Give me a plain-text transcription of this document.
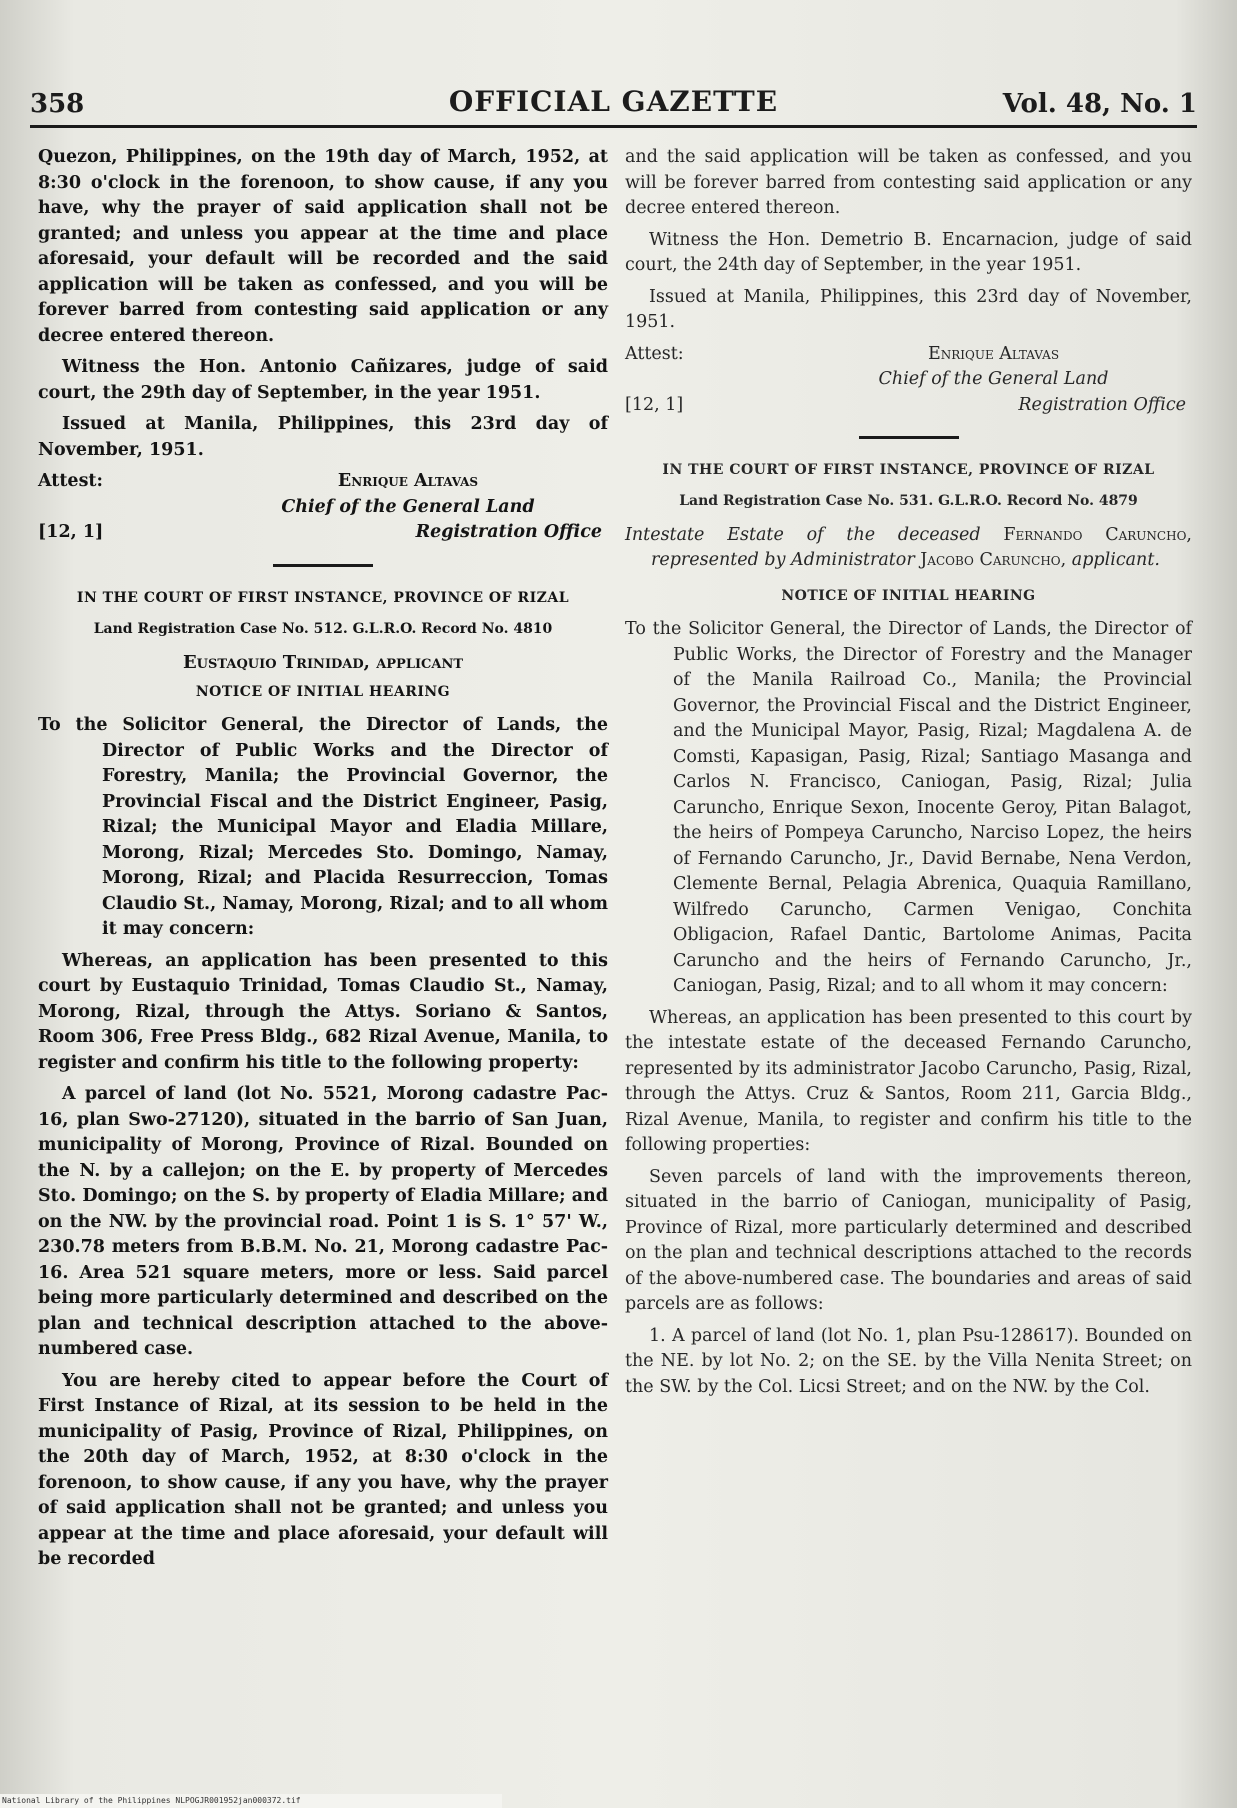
358	OFFICIAL GAZETTE	Vol. 48, No. 1

Quezon, Philippines, on the 19th day of March, 1952, at 8:30 o'clock in the forenoon, to show cause, if any you have, why the prayer of said application shall not be granted; and unless you appear at the time and place aforesaid, your default will be recorded and the said application will be taken as confessed, and you will be forever barred from contesting said application or any decree entered thereon.

Witness the Hon. Antonio Cañizares, judge of said court, the 29th day of September, in the year 1951.

Issued at Manila, Philippines, this 23rd day of November, 1951.

Attest:	Enrique Altavas
[12, 1]
Chief of the General Land
Registration Office
IN THE COURT OF FIRST INSTANCE, PROVINCE OF RIZAL
Land Registration Case No. 512. G.L.R.O. Record No. 4810
Eustaquio Trinidad, applicant
NOTICE OF INITIAL HEARING

To the Solicitor General, the Director of Lands, the Director of Public Works and the Director of Forestry, Manila; the Provincial Governor, the Provincial Fiscal and the District Engineer, Pasig, Rizal; the Municipal Mayor and Eladia Millare, Morong, Rizal; Mercedes Sto. Domingo, Namay, Morong, Rizal; and Placida Resurreccion, Tomas Claudio St., Namay, Morong, Rizal; and to all whom it may concern:

Whereas, an application has been presented to this court by Eustaquio Trinidad, Tomas Claudio St., Namay, Morong, Rizal, through the Attys. Soriano & Santos, Room 306, Free Press Bldg., 682 Rizal Avenue, Manila, to register and confirm his title to the following property:

A parcel of land (lot No. 5521, Morong cadastre Pac-16, plan Swo-27120), situated in the barrio of San Juan, municipality of Morong, Province of Rizal. Bounded on the N. by a callejon; on the E. by property of Mercedes Sto. Domingo; on the S. by property of Eladia Millare; and on the NW. by the provincial road. Point 1 is S. 1° 57' W., 230.78 meters from B.B.M. No. 21, Morong cadastre Pac-16. Area 521 square meters, more or less. Said parcel being more particularly determined and described on the plan and technical description attached to the above-numbered case.

You are hereby cited to appear before the Court of First Instance of Rizal, at its session to be held in the municipality of Pasig, Province of Rizal, Philippines, on the 20th day of March, 1952, at 8:30 o'clock in the forenoon, to show cause, if any you have, why the prayer of said application shall not be granted; and unless you appear at the time and place aforesaid, your default will be recorded

and the said application will be taken as confessed, and you will be forever barred from contesting said application or any decree entered thereon.

Witness the Hon. Demetrio B. Encarnacion, judge of said court, the 24th day of September, in the year 1951.

Issued at Manila, Philippines, this 23rd day of November, 1951.

Attest:	Enrique Altavas
[12, 1]
Chief of the General Land
Registration Office
IN THE COURT OF FIRST INSTANCE, PROVINCE OF RIZAL
Land Registration Case No. 531. G.L.R.O. Record No. 4879

Intestate Estate of the deceased Fernando Caruncho, represented by Administrator Jacobo Caruncho, applicant.

NOTICE OF INITIAL HEARING

To the Solicitor General, the Director of Lands, the Director of Public Works, the Director of Forestry and the Manager of the Manila Railroad Co., Manila; the Provincial Governor, the Provincial Fiscal and the District Engineer, and the Municipal Mayor, Pasig, Rizal; Magdalena A. de Comsti, Kapasigan, Pasig, Rizal; Santiago Masanga and Carlos N. Francisco, Caniogan, Pasig, Rizal; Julia Caruncho, Enrique Sexon, Inocente Geroy, Pitan Balagot, the heirs of Pompeya Caruncho, Narciso Lopez, the heirs of Fernando Caruncho, Jr., David Bernabe, Nena Verdon, Clemente Bernal, Pelagia Abrenica, Quaquia Ramillano, Wilfredo Caruncho, Carmen Venigao, Conchita Obligacion, Rafael Dantic, Bartolome Animas, Pacita Caruncho and the heirs of Fernando Caruncho, Jr., Caniogan, Pasig, Rizal; and to all whom it may concern:

Whereas, an application has been presented to this court by the intestate estate of the deceased Fernando Caruncho, represented by its administrator Jacobo Caruncho, Pasig, Rizal, through the Attys. Cruz & Santos, Room 211, Garcia Bldg., Rizal Avenue, Manila, to register and confirm his title to the following properties:

Seven parcels of land with the improvements thereon, situated in the barrio of Caniogan, municipality of Pasig, Province of Rizal, more particularly determined and described on the plan and technical descriptions attached to the records of the above-numbered case. The boundaries and areas of said parcels are as follows:

1. A parcel of land (lot No. 1, plan Psu-128617). Bounded on the NE. by lot No. 2; on the SE. by the Villa Nenita Street; on the SW. by the Col. Licsi Street; and on the NW. by the Col.

National Library of the Philippines NLPOGJR001952jan000372.tif
